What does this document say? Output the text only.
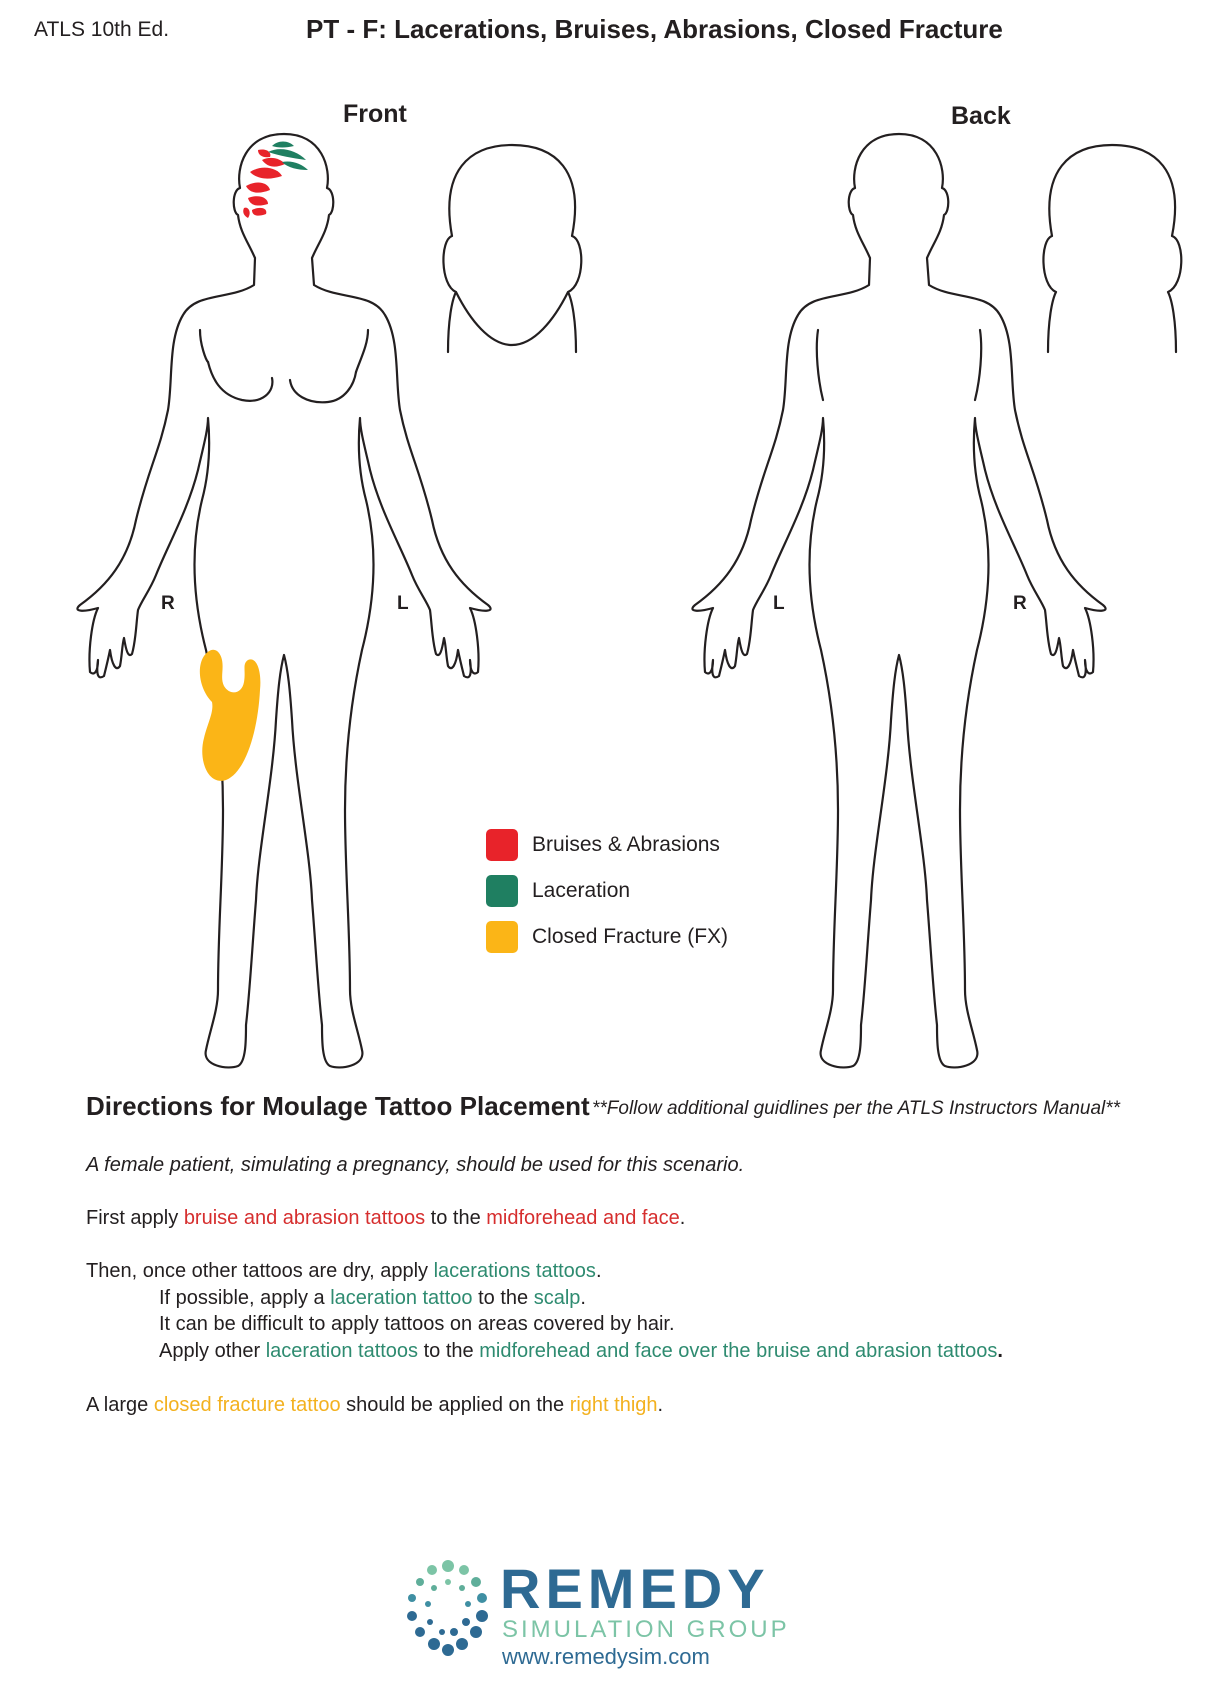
ATLS 10th Ed.	PT - F: Lacerations, Bruises, Abrasions, Closed Fracture
Front	Back
R	L	L	R
Bruises & Abrasions
Laceration
Closed Fracture (FX)
Directions for Moulage Tattoo Placement **Follow additional guidlines per the ATLS Instructors Manual**
A female patient, simulating a pregnancy, should be used for this scenario.
First apply bruise and abrasion tattoos to the midforehead and face.
Then, once other tattoos are dry, apply lacerations tattoos.
If possible, apply a laceration tattoo to the scalp.
It can be difficult to apply tattoos on areas covered by hair.
Apply other laceration tattoos to the midforehead and face over the bruise and abrasion tattoos.
A large closed fracture tattoo should be applied on the right thigh.
REMEDY
SIMULATION GROUP
www.remedysim.com
